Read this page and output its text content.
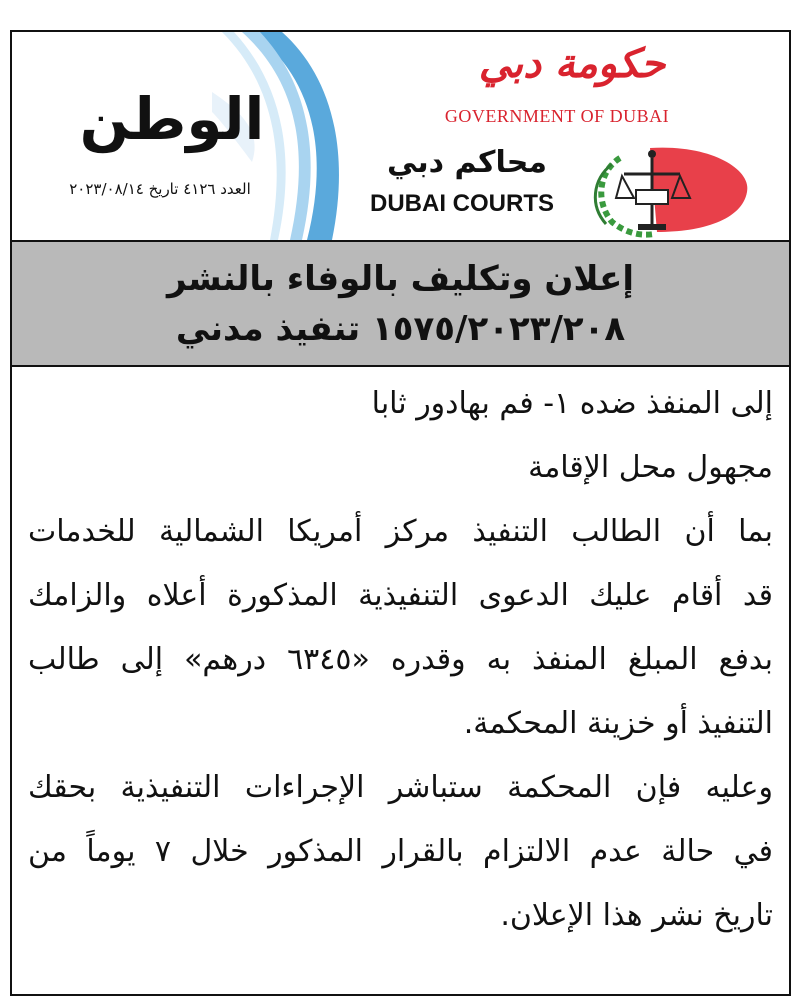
الوطن
العدد ٤١٢٦ تاريخ ٢٠٢٣/٠٨/١٤
حكومة دبي
GOVERNMENT OF DUBAI
محاكم دبي
DUBAI COURTS
إعلان وتكليف بالوفاء بالنشر
١٥٧٥/٢٠٢٣/٢٠٨ تنفيذ مدني
إلى المنفذ ضده ١- فم بهادور ثابا
مجهول محل الإقامة
بما أن الطالب التنفيذ مركز أمريكا الشمالية للخدمات
قد أقام عليك الدعوى التنفيذية المذكورة أعلاه والزامك
بدفع المبلغ المنفذ به وقدره «٦٣٤٥ درهم» إلى طالب
التنفيذ أو خزينة المحكمة.
وعليه فإن المحكمة ستباشر الإجراءات التنفيذية بحقك
في حالة عدم الالتزام بالقرار المذكور خلال ٧ يوماً من
تاريخ نشر هذا الإعلان.
